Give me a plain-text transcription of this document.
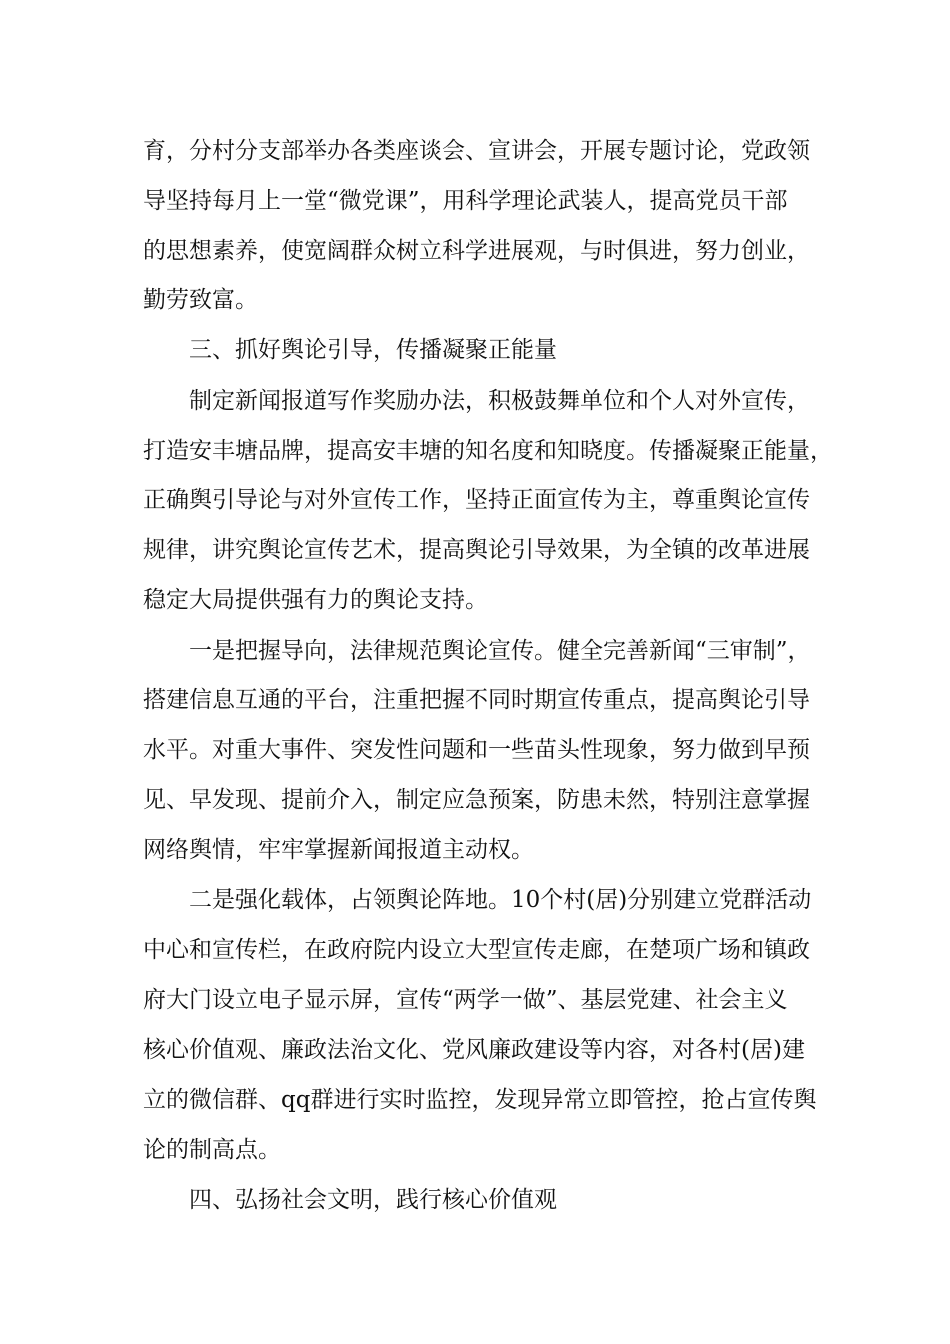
育，分村分支部举办各类座谈会、宣讲会，开展专题讨论，党政领
导坚持每月上一堂“微党课”，用科学理论武装人，提高党员干部
的思想素养，使宽阔群众树立科学进展观，与时俱进，努力创业，
勤劳致富。
三、抓好舆论引导，传播凝聚正能量
制定新闻报道写作奖励办法，积极鼓舞单位和个人对外宣传，
打造安丰塘品牌，提高安丰塘的知名度和知晓度。传播凝聚正能量，
正确舆引导论与对外宣传工作，坚持正面宣传为主，尊重舆论宣传
规律，讲究舆论宣传艺术，提高舆论引导效果，为全镇的改革进展
稳定大局提供强有力的舆论支持。
一是把握导向，法律规范舆论宣传。健全完善新闻“三审制”，
搭建信息互通的平台，注重把握不同时期宣传重点，提高舆论引导
水平。对重大事件、突发性问题和一些苗头性现象，努力做到早预
见、早发现、提前介入，制定应急预案，防患未然，特别注意掌握
网络舆情，牢牢掌握新闻报道主动权。
二是强化载体，占领舆论阵地。10个村(居)分别建立党群活动
中心和宣传栏，在政府院内设立大型宣传走廊，在楚项广场和镇政
府大门设立电子显示屏，宣传“两学一做”、基层党建、社会主义
核心价值观、廉政法治文化、党风廉政建设等内容，对各村(居)建
立的微信群、qq群进行实时监控，发现异常立即管控，抢占宣传舆
论的制高点。
四、弘扬社会文明，践行核心价值观
